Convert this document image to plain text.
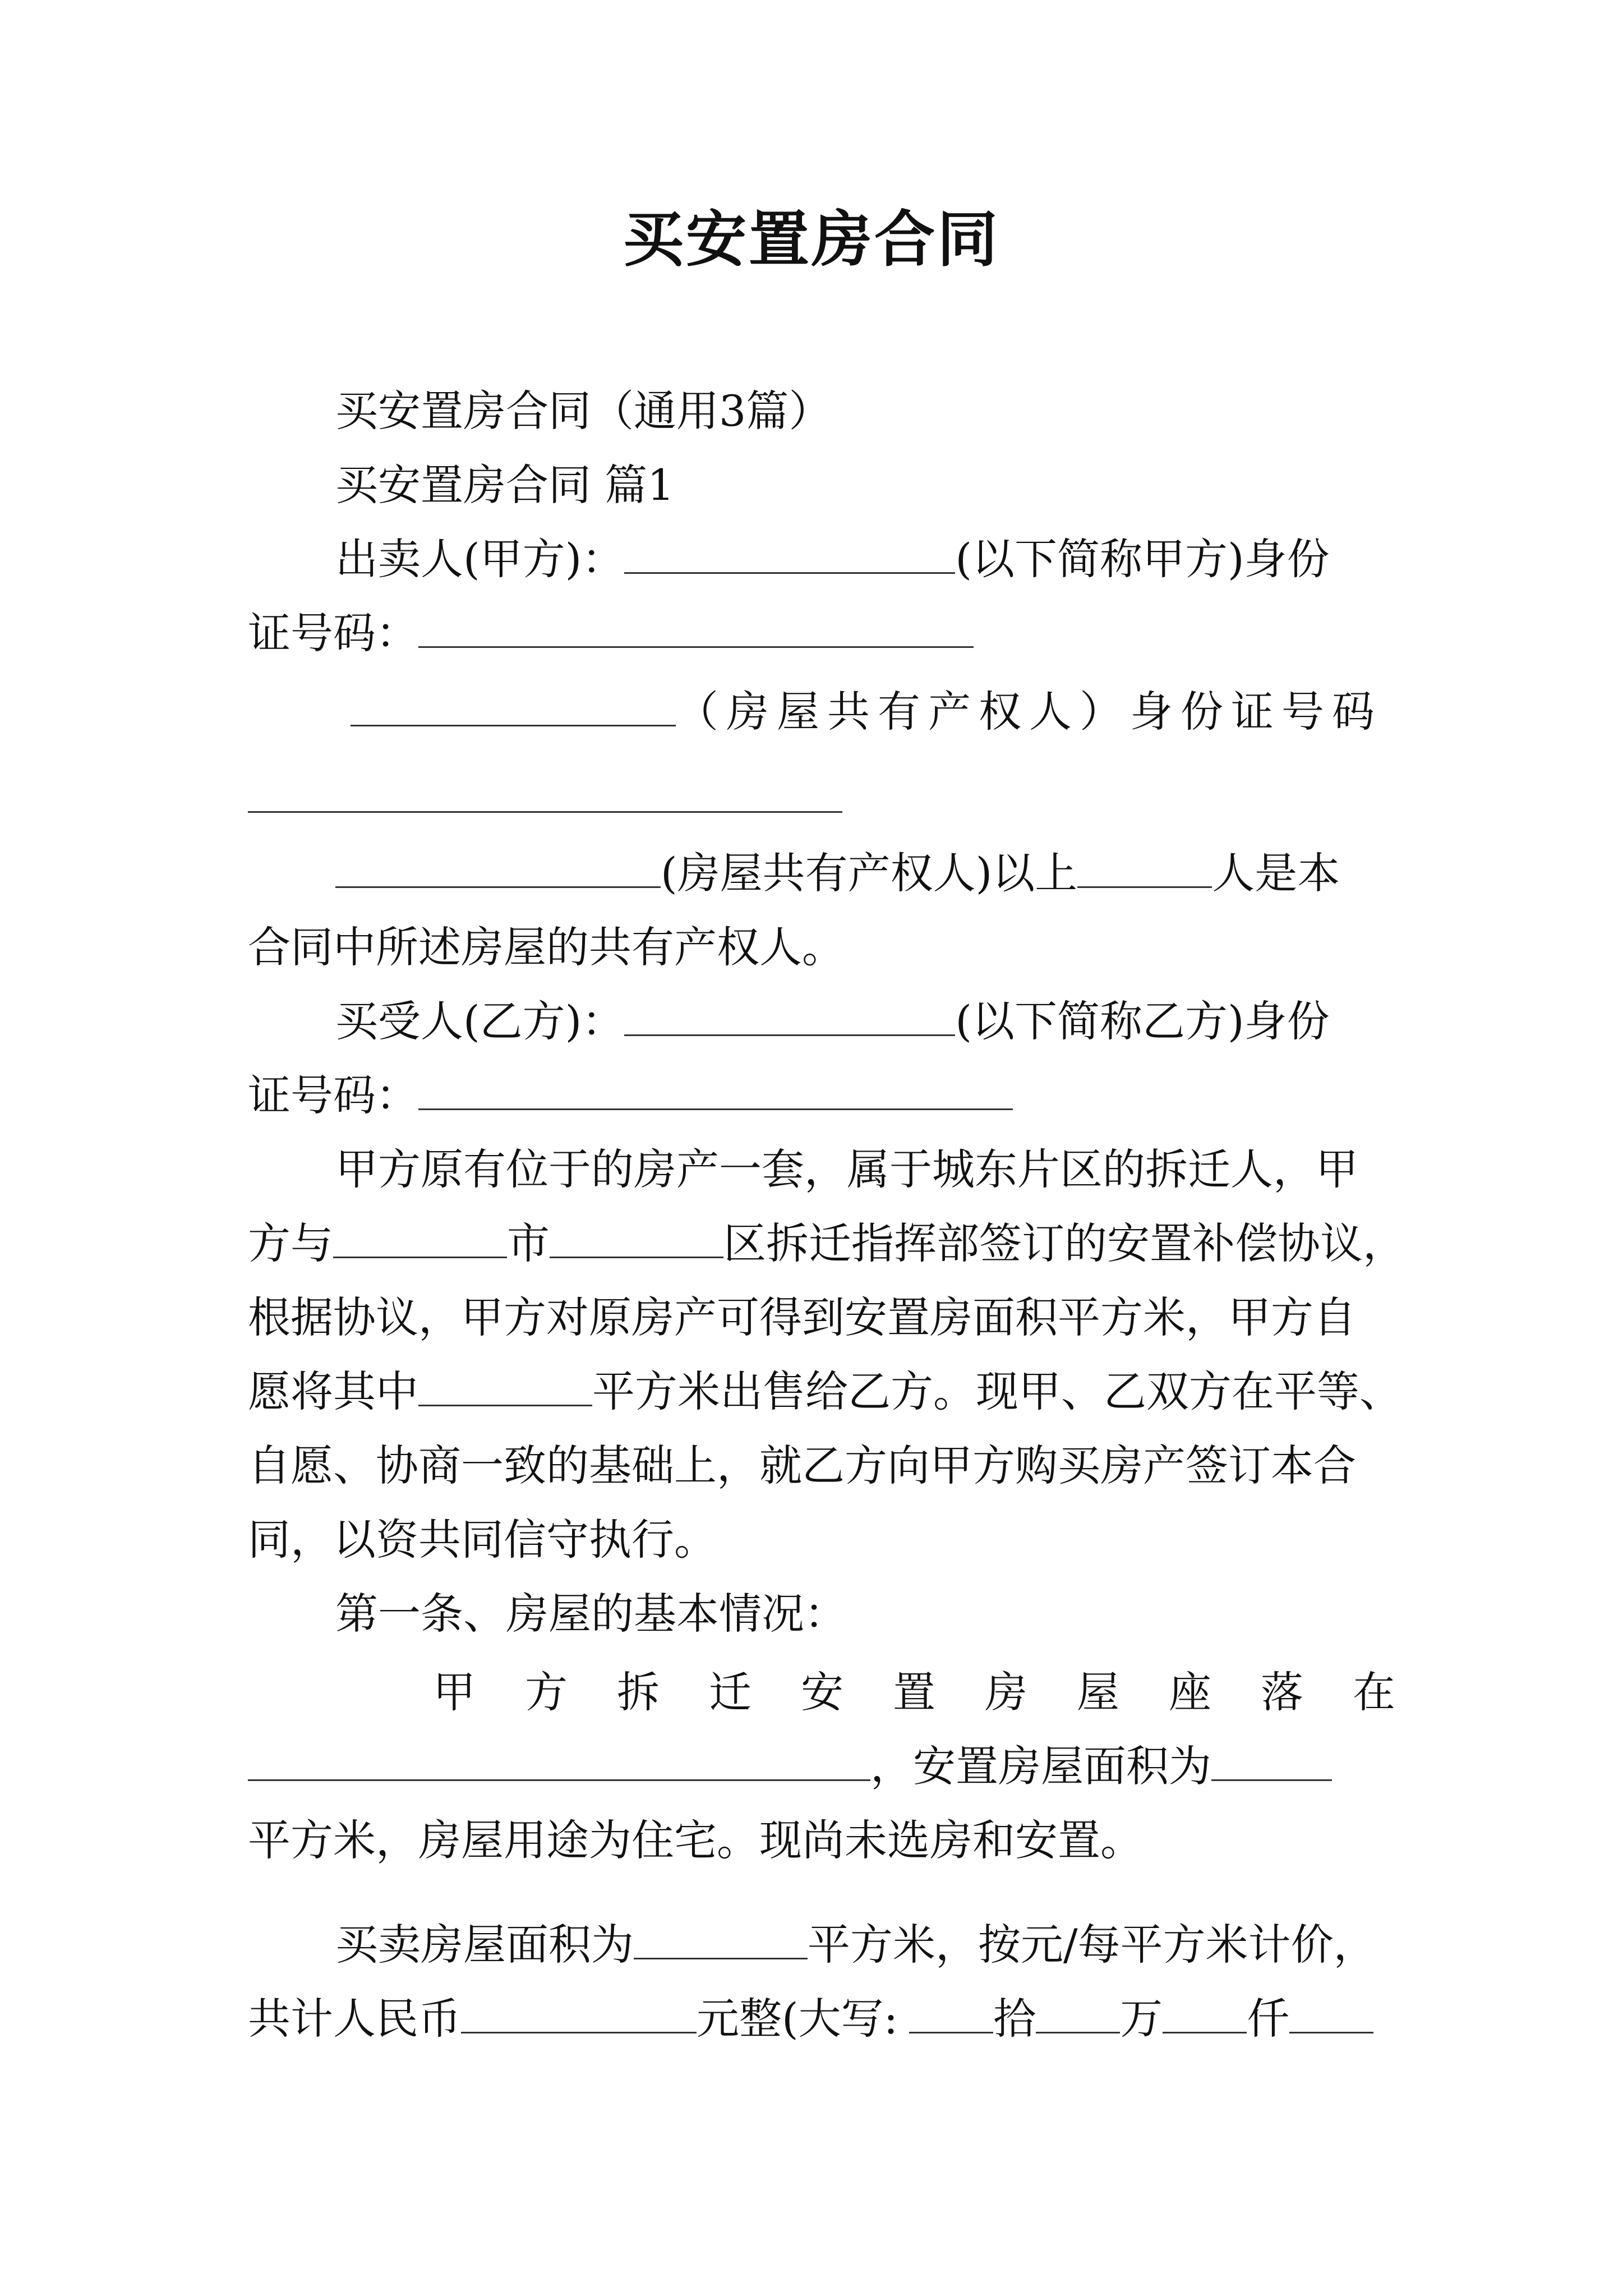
买安置房合同
买安置房合同（通用3篇）
买安置房合同 篇1
出卖人(甲方)：	(以下简称甲方)身份
证号码：
（房屋共有产权人）身份证号码
(房屋共有产权人)以上	人是本
合同中所述房屋的共有产权人。
买受人(乙方)：	(以下简称乙方)身份
证号码：
甲方原有位于的房产一套，属于城东片区的拆迁人，甲
方与	市	区拆迁指挥部签订的安置补偿协议，
根据协议，甲方对原房产可得到安置房面积平方米，甲方自
愿将其中	平方米出售给乙方。现甲、乙双方在平等、
自愿、协商一致的基础上，就乙方向甲方购买房产签订本合
同，以资共同信守执行。
第一条、房屋的基本情况：
甲方拆迁安置房屋座落在
，安置房屋面积为
平方米，房屋用途为住宅。现尚未选房和安置。
买卖房屋面积为	平方米，按元/每平方米计价，
共计人民币	元整(大写: 拾 万 仟
